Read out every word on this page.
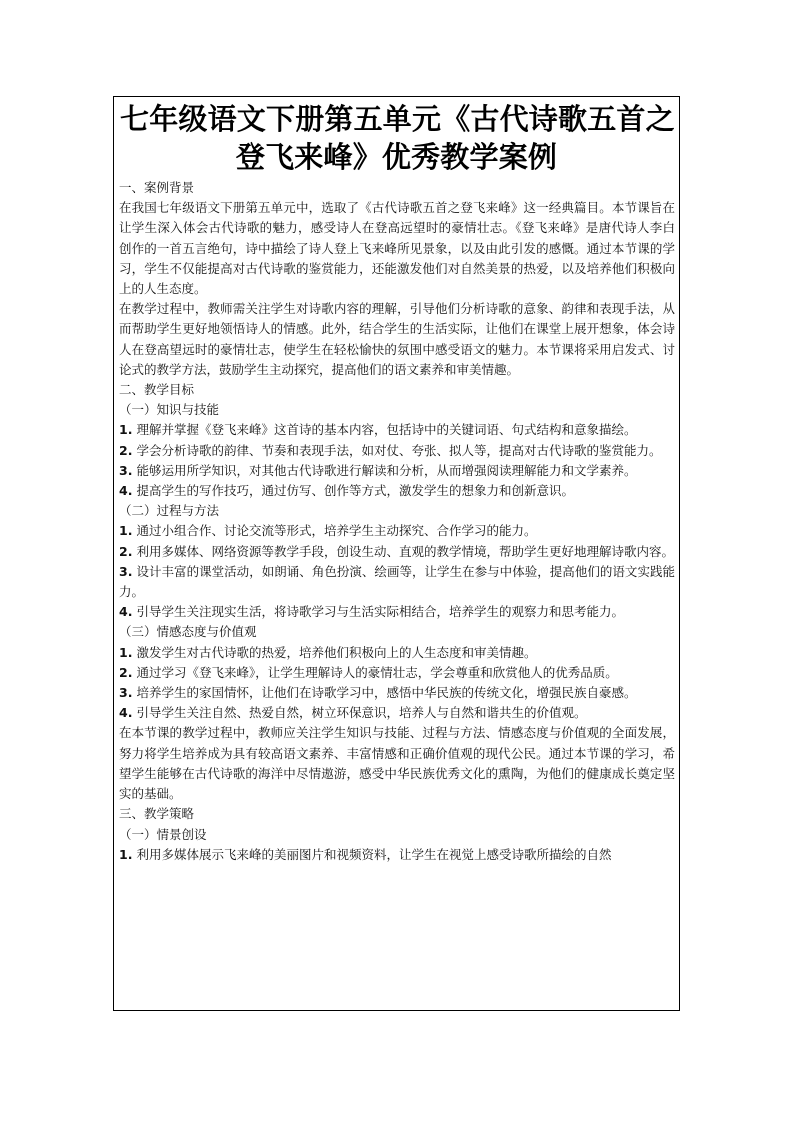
七年级语文下册第五单元《古代诗歌五首之
登飞来峰》优秀教学案例

一、案例背景

在我国七年级语文下册第五单元中，选取了《古代诗歌五首之登飞来峰》这一经典篇目。本节课旨在让学生深入体会古代诗歌的魅力，感受诗人在登高远望时的豪情壮志。《登飞来峰》是唐代诗人李白创作的一首五言绝句，诗中描绘了诗人登上飞来峰所见景象，以及由此引发的感慨。通过本节课的学习，学生不仅能提高对古代诗歌的鉴赏能力，还能激发他们对自然美景的热爱，以及培养他们积极向上的人生态度。

在教学过程中，教师需关注学生对诗歌内容的理解，引导他们分析诗歌的意象、韵律和表现手法，从而帮助学生更好地领悟诗人的情感。此外，结合学生的生活实际，让他们在课堂上展开想象，体会诗人在登高望远时的豪情壮志，使学生在轻松愉快的氛围中感受语文的魅力。本节课将采用启发式、讨论式的教学方法，鼓励学生主动探究，提高他们的语文素养和审美情趣。

二、教学目标

（一）知识与技能

1. 理解并掌握《登飞来峰》这首诗的基本内容，包括诗中的关键词语、句式结构和意象描绘。

2. 学会分析诗歌的韵律、节奏和表现手法，如对仗、夸张、拟人等，提高对古代诗歌的鉴赏能力。

3. 能够运用所学知识，对其他古代诗歌进行解读和分析，从而增强阅读理解能力和文学素养。

4. 提高学生的写作技巧，通过仿写、创作等方式，激发学生的想象力和创新意识。

（二）过程与方法

1. 通过小组合作、讨论交流等形式，培养学生主动探究、合作学习的能力。

2. 利用多媒体、网络资源等教学手段，创设生动、直观的教学情境，帮助学生更好地理解诗歌内容。

3. 设计丰富的课堂活动，如朗诵、角色扮演、绘画等，让学生在参与中体验，提高他们的语文实践能力。

4. 引导学生关注现实生活，将诗歌学习与生活实际相结合，培养学生的观察力和思考能力。

（三）情感态度与价值观

1. 激发学生对古代诗歌的热爱，培养他们积极向上的人生态度和审美情趣。

2. 通过学习《登飞来峰》，让学生理解诗人的豪情壮志，学会尊重和欣赏他人的优秀品质。

3. 培养学生的家国情怀，让他们在诗歌学习中，感悟中华民族的传统文化，增强民族自豪感。

4. 引导学生关注自然、热爱自然，树立环保意识，培养人与自然和谐共生的价值观。

在本节课的教学过程中，教师应关注学生知识与技能、过程与方法、情感态度与价值观的全面发展，努力将学生培养成为具有较高语文素养、丰富情感和正确价值观的现代公民。通过本节课的学习，希望学生能够在古代诗歌的海洋中尽情遨游，感受中华民族优秀文化的熏陶，为他们的健康成长奠定坚实的基础。

三、教学策略

（一）情景创设

1. 利用多媒体展示飞来峰的美丽图片和视频资料，让学生在视觉上感受诗歌所描绘的自然
